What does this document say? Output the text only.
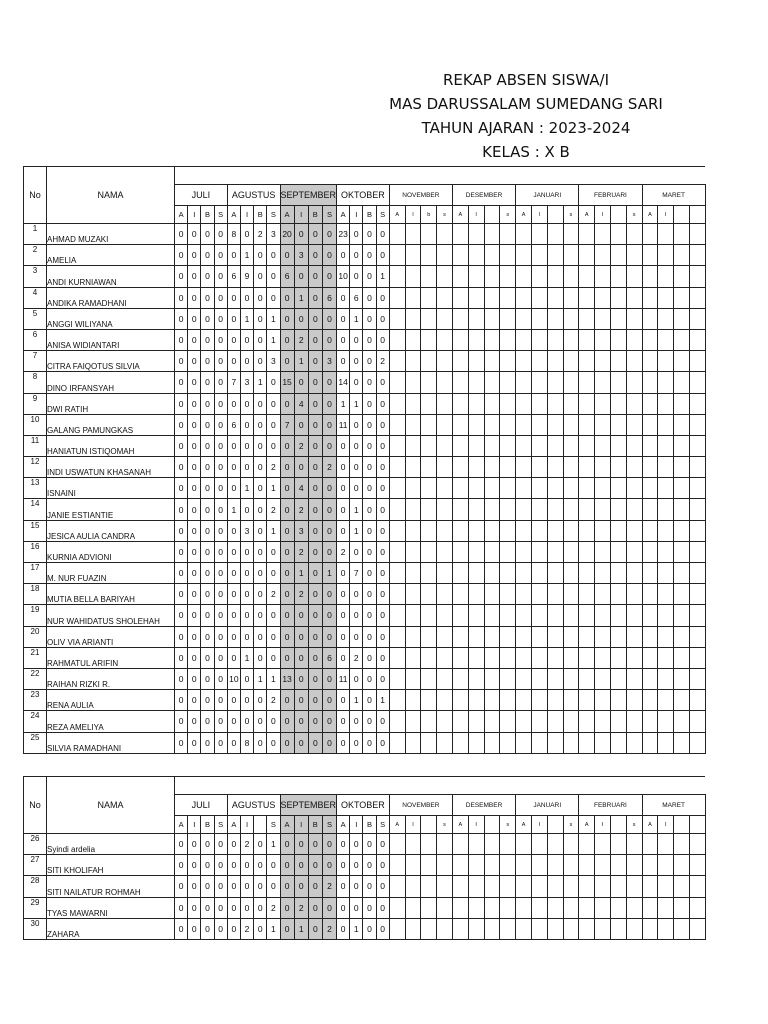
REKAP ABSEN SISWA/I
MAS DARUSSALAM SUMEDANG SARI
TAHUN AJARAN : 2023-2024
KELAS : X B
No	NAMA																																				
		JULI				AGUSTUS				SEPTEMBER				OKTOBER				NOVEMBER				DESEMBER				JANUARI				FEBRUARI				MARET			
		A	I	B	S	A	I	B	S	A	I	B	S	A	I	B	S	A	I	b	s	A	I		s	A	I		s	A	I		s	A	I		
1	AHMAD MUZAKI	0	0	0	0	8	0	2	3	20	0	0	0	23	0	0	0																				
2	AMELIA	0	0	0	0	0	1	0	0	0	3	0	0	0	0	0	0																				
3	ANDI KURNIAWAN	0	0	0	0	6	9	0	0	6	0	0	0	10	0	0	1																				
4	ANDIKA RAMADHANI	0	0	0	0	0	0	0	0	0	1	0	6	0	6	0	0																				
5	ANGGI WILIYANA	0	0	0	0	0	1	0	1	0	0	0	0	0	1	0	0																				
6	ANISA WIDIANTARI	0	0	0	0	0	0	0	1	0	2	0	0	0	0	0	0																				
7	CITRA FAIQOTUS SILVIA	0	0	0	0	0	0	0	3	0	1	0	3	0	0	0	2																				
8	DINO IRFANSYAH	0	0	0	0	7	3	1	0	15	0	0	0	14	0	0	0																				
9	DWI RATIH	0	0	0	0	0	0	0	0	0	4	0	0	1	1	0	0																				
10	GALANG PAMUNGKAS	0	0	0	0	6	0	0	0	7	0	0	0	11	0	0	0																				
11	HANIATUN ISTIQOMAH	0	0	0	0	0	0	0	0	0	2	0	0	0	0	0	0																				
12	INDI USWATUN KHASANAH	0	0	0	0	0	0	0	2	0	0	0	2	0	0	0	0																				
13	ISNAINI	0	0	0	0	0	1	0	1	0	4	0	0	0	0	0	0																				
14	JANIE ESTIANTIE	0	0	0	0	1	0	0	2	0	2	0	0	0	1	0	0																				
15	JESICA AULIA CANDRA	0	0	0	0	0	3	0	1	0	3	0	0	0	1	0	0																				
16	KURNIA ADVIONI	0	0	0	0	0	0	0	0	0	2	0	0	2	0	0	0																				
17	M. NUR FUAZIN	0	0	0	0	0	0	0	0	0	1	0	1	0	7	0	0																				
18	MUTIA BELLA BARIYAH	0	0	0	0	0	0	0	2	0	2	0	0	0	0	0	0																				
19	NUR WAHIDATUS SHOLEHAH	0	0	0	0	0	0	0	0	0	0	0	0	0	0	0	0																				
20	OLIV VIA ARIANTI	0	0	0	0	0	0	0	0	0	0	0	0	0	0	0	0																				
21	RAHMATUL ARIFIN	0	0	0	0	0	1	0	0	0	0	0	6	0	2	0	0																				
22	RAIHAN RIZKI R.	0	0	0	0	10	0	1	1	13	0	0	0	11	0	0	0																				
23	RENA AULIA	0	0	0	0	0	0	0	2	0	0	0	0	0	1	0	1																				
24	REZA AMELIYA	0	0	0	0	0	0	0	0	0	0	0	0	0	0	0	0																				
25	SILVIA RAMADHANI	0	0	0	0	0	8	0	0	0	0	0	0	0	0	0	0																				
No	NAMA																																				
		JULI				AGUSTUS				SEPTEMBER				OKTOBER				NOVEMBER				DESEMBER				JANUARI				FEBRUARI				MARET			
		A	I	B	S	A	I		S	A	I	B	S	A	I	B	S	A	I		s	A	I		s	A	I		s	A	I		s	A	I		
26	Syindi ardelia	0	0	0	0	0	2	0	1	0	0	0	0	0	0	0	0																				
27	SITI KHOLIFAH	0	0	0	0	0	0	0	0	0	0	0	0	0	0	0	0																				
28	SITI NAILATUR ROHMAH	0	0	0	0	0	0	0	0	0	0	0	2	0	0	0	0																				
29	TYAS MAWARNI	0	0	0	0	0	0	0	2	0	2	0	0	0	0	0	0																				
30	ZAHARA	0	0	0	0	0	2	0	1	0	1	0	2	0	1	0	0																				
